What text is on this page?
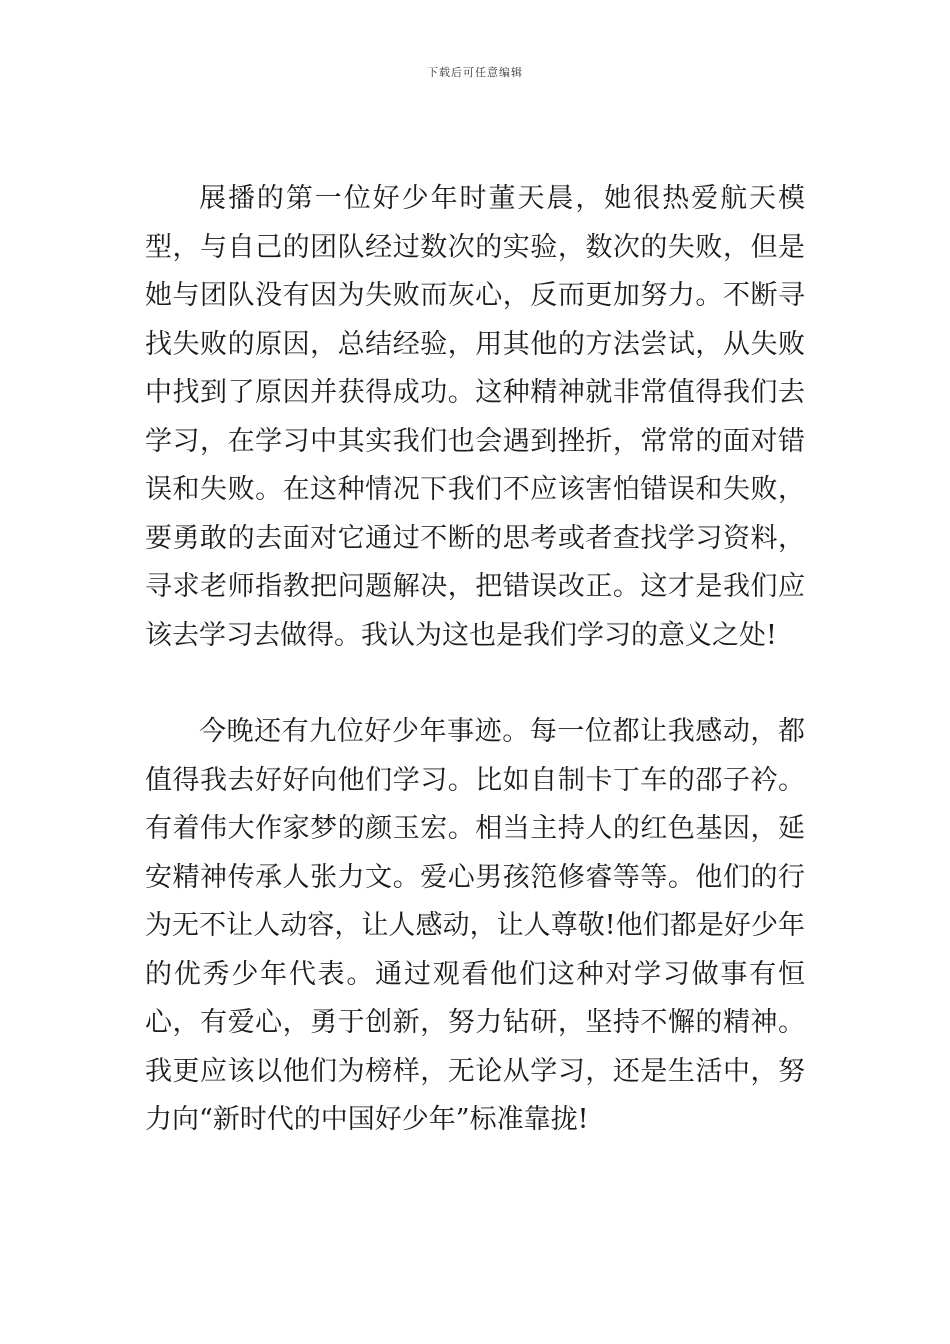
下载后可任意编辑

展播的第一位好少年时董天晨，她很热爱航天模型，与自己的团队经过数次的实验，数次的失败，但是她与团队没有因为失败而灰心，反而更加努力。不断寻找失败的原因，总结经验，用其他的方法尝试，从失败中找到了原因并获得成功。这种精神就非常值得我们去学习，在学习中其实我们也会遇到挫折，常常的面对错误和失败。在这种情况下我们不应该害怕错误和失败，要勇敢的去面对它通过不断的思考或者查找学习资料，寻求老师指教把问题解决，把错误改正。这才是我们应该去学习去做得。我认为这也是我们学习的意义之处!

今晚还有九位好少年事迹。每一位都让我感动，都值得我去好好向他们学习。比如自制卡丁车的邵子衿。有着伟大作家梦的颜玉宏。相当主持人的红色基因，延安精神传承人张力文。爱心男孩笵修睿等等。他们的行为无不让人动容，让人感动，让人尊敬!他们都是好少年的优秀少年代表。通过观看他们这种对学习做事有恒心，有爱心，勇于创新，努力钻研，坚持不懈的精神。我更应该以他们为榜样，无论从学习，还是生活中，努力向“新时代的中国好少年”标准靠拢!
